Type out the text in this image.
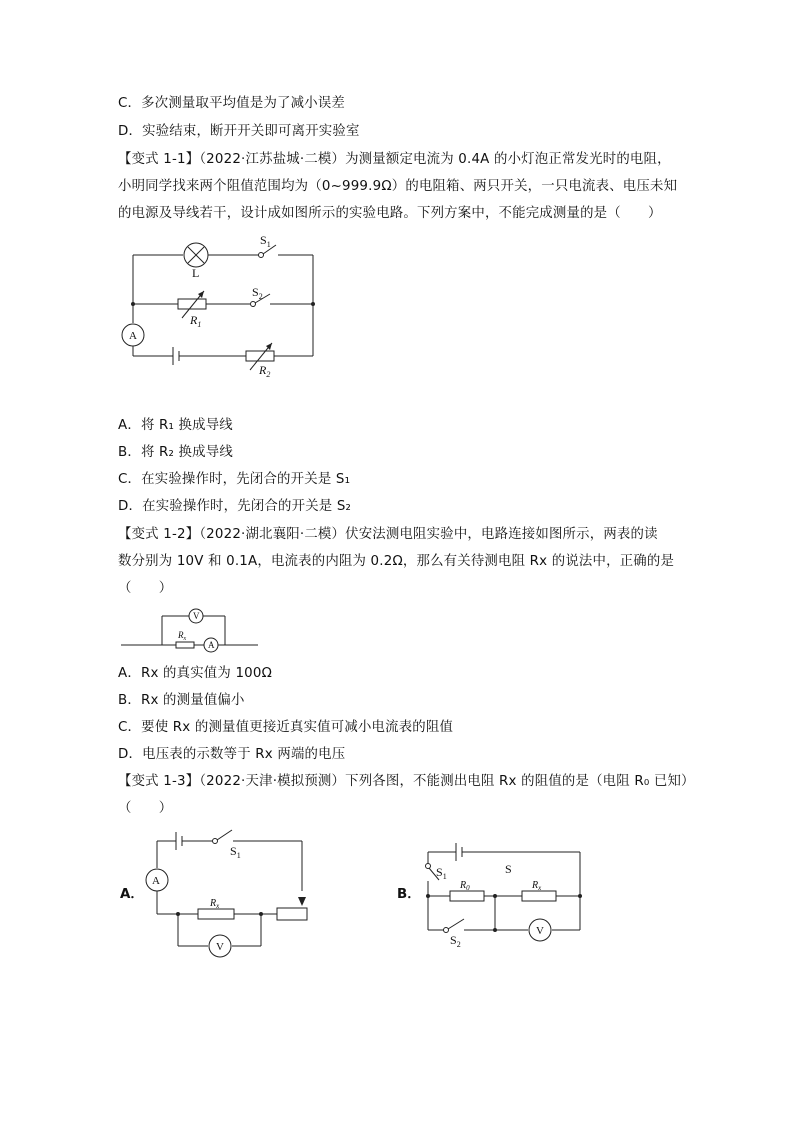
C．多次测量取平均值是为了减小误差
D．实验结束，断开开关即可离开实验室
【变式 1-1】（2022·江苏盐城·二模）为测量额定电流为 0.4A 的小灯泡正常发光时的电阻，
小明同学找来两个阻值范围均为（0~999.9Ω）的电阻箱、两只开关，一只电流表、电压未知
的电源及导线若干，设计成如图所示的实验电路。下列方案中，不能完成测量的是（　　）
$S_1$
L
$S_2$
$R_1$
A
$R_2$
A．将 R₁ 换成导线
B．将 R₂ 换成导线
C．在实验操作时，先闭合的开关是 S₁
D．在实验操作时，先闭合的开关是 S₂
【变式 1-2】（2022·湖北襄阳·二模）伏安法测电阻实验中，电路连接如图所示，两表的读
数分别为 10V 和 0.1A，电流表的内阻为 0.2Ω，那么有关待测电阻 Rx 的说法中，正确的是
（　　）
V
A
$R_x$
A．Rx 的真实值为 100Ω
B．Rx 的测量值偏小
C．要使 Rx 的测量值更接近真实值可减小电流表的阻值
D．电压表的示数等于 Rx 两端的电压
【变式 1-3】（2022·天津·模拟预测）下列各图，不能测出电阻 Rx 的阻值的是（电阻 R₀ 已知）
（　　）
A．
A
V
$S_1$
$R_x$
B．
S
$S_1$
$S_2$
$R_0$	$R_x$
V
